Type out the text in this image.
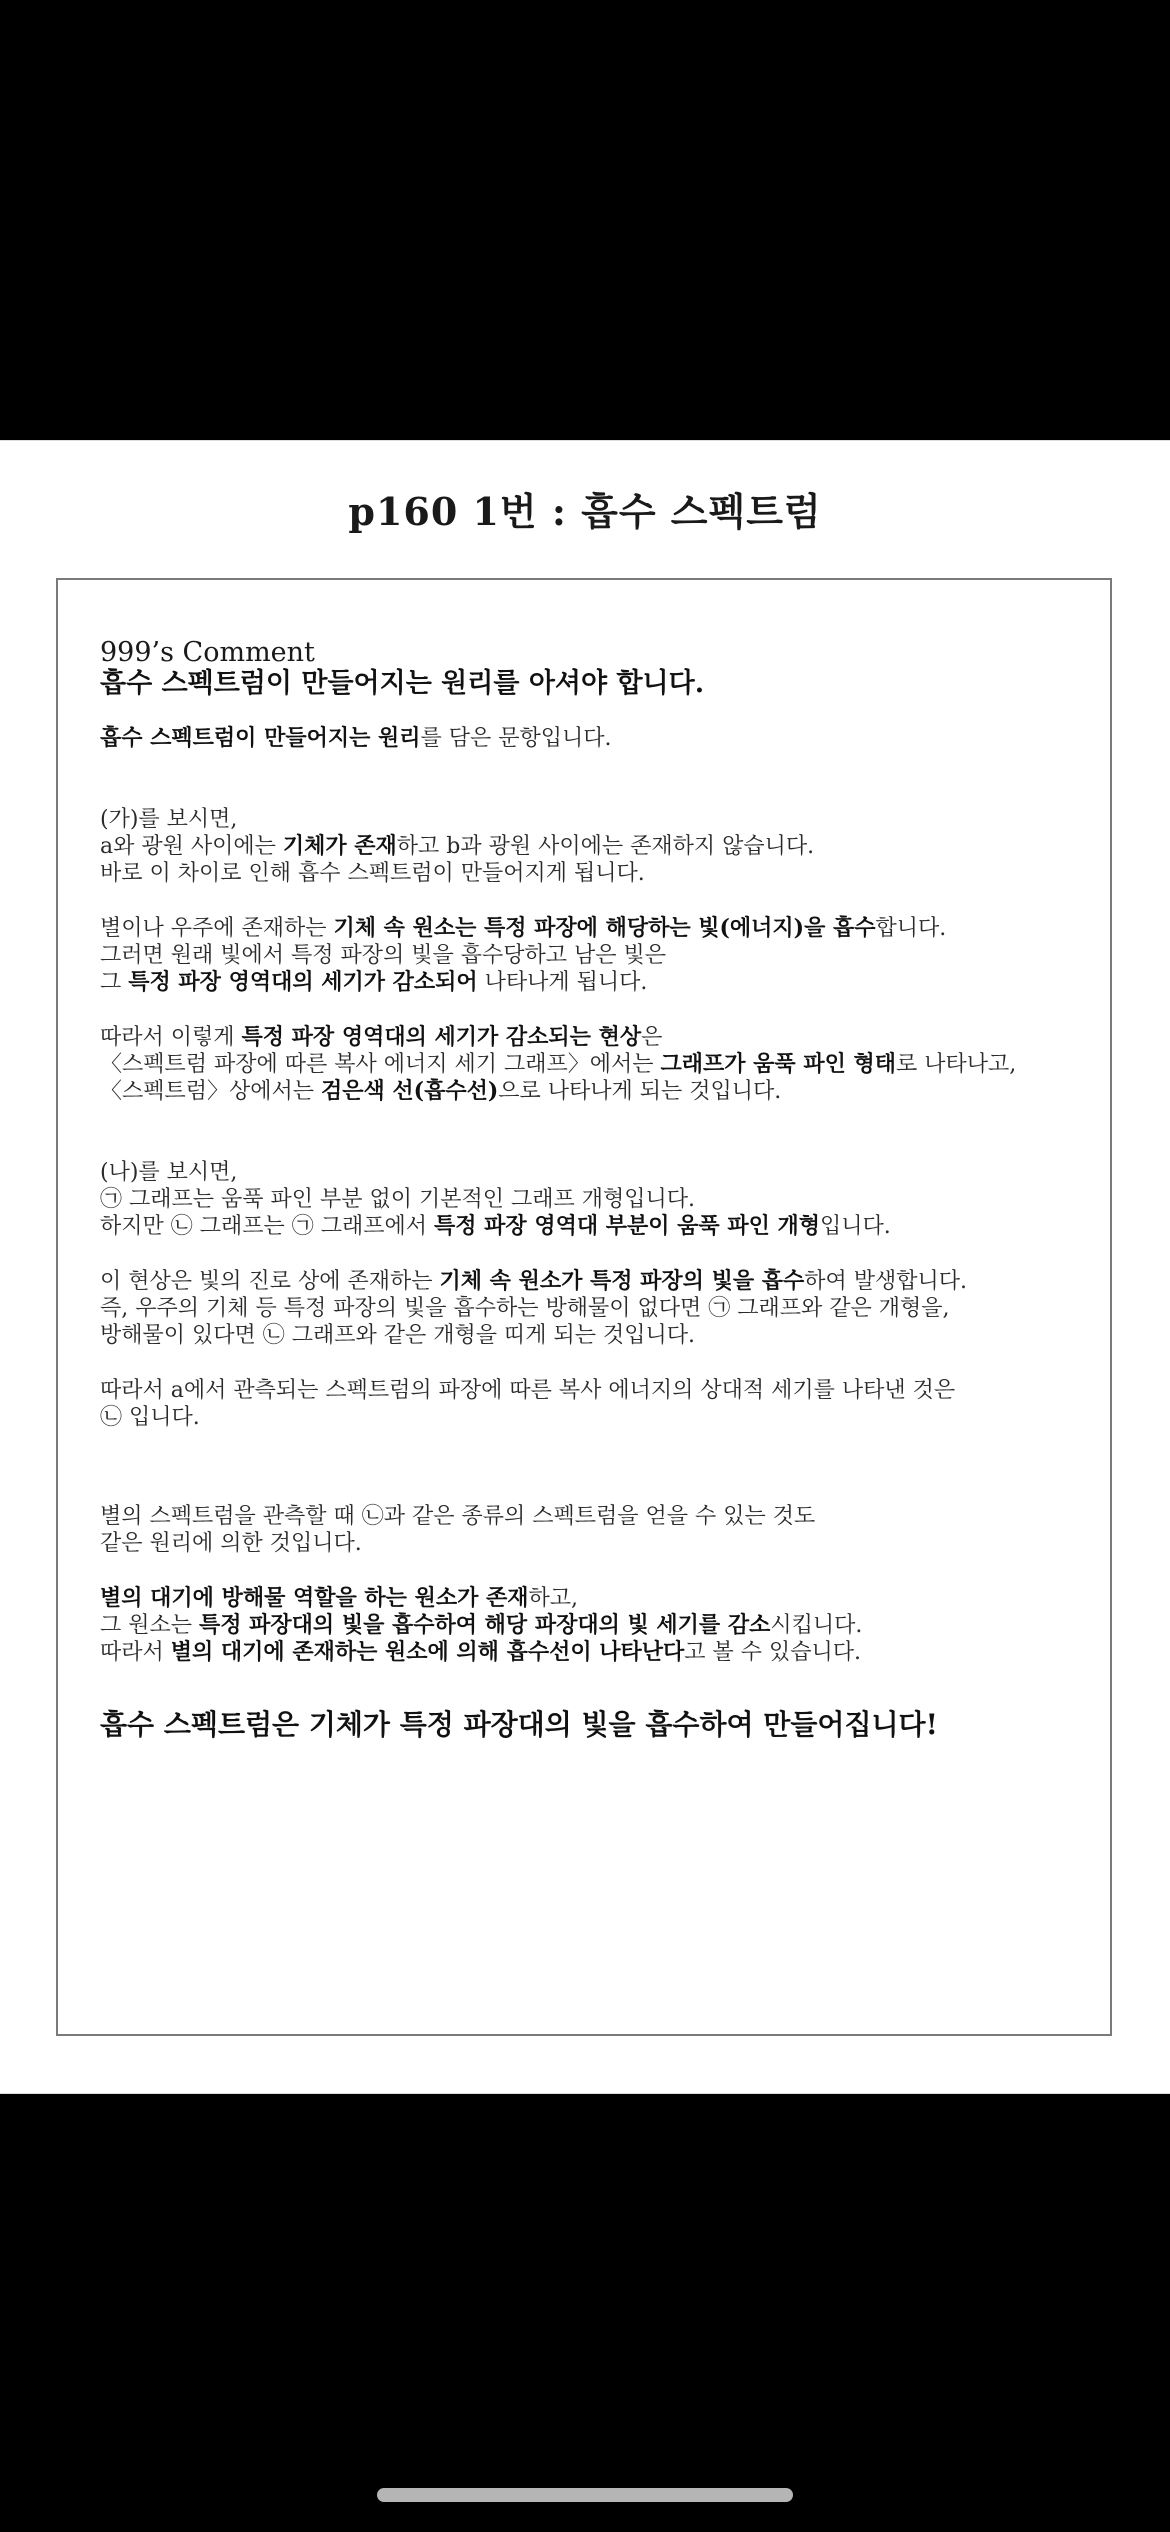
p160 1번 : 흡수 스펙트럼

999’s Comment

흡수 스펙트럼이 만들어지는 원리를 아셔야 합니다.

흡수 스펙트럼이 만들어지는 원리를 담은 문항입니다.

(가)를 보시면,

a와 광원 사이에는 기체가 존재하고 b과 광원 사이에는 존재하지 않습니다.

바로 이 차이로 인해 흡수 스펙트럼이 만들어지게 됩니다.

별이나 우주에 존재하는 기체 속 원소는 특정 파장에 해당하는 빛(에너지)을 흡수합니다.

그러면 원래 빛에서 특정 파장의 빛을 흡수당하고 남은 빛은

그 특정 파장 영역대의 세기가 감소되어 나타나게 됩니다.

따라서 이렇게 특정 파장 영역대의 세기가 감소되는 현상은

〈스펙트럼 파장에 따른 복사 에너지 세기 그래프〉에서는 그래프가 움푹 파인 형태로 나타나고,

〈스펙트럼〉상에서는 검은색 선(흡수선)으로 나타나게 되는 것입니다.

(나)를 보시면,

㉠ 그래프는 움푹 파인 부분 없이 기본적인 그래프 개형입니다.

하지만 ㉡ 그래프는 ㉠ 그래프에서 특정 파장 영역대 부분이 움푹 파인 개형입니다.

이 현상은 빛의 진로 상에 존재하는 기체 속 원소가 특정 파장의 빛을 흡수하여 발생합니다.

즉, 우주의 기체 등 특정 파장의 빛을 흡수하는 방해물이 없다면 ㉠ 그래프와 같은 개형을,

방해물이 있다면 ㉡ 그래프와 같은 개형을 띠게 되는 것입니다.

따라서 a에서 관측되는 스펙트럼의 파장에 따른 복사 에너지의 상대적 세기를 나타낸 것은

㉡ 입니다.

별의 스펙트럼을 관측할 때 ㉡과 같은 종류의 스펙트럼을 얻을 수 있는 것도

같은 원리에 의한 것입니다.

별의 대기에 방해물 역할을 하는 원소가 존재하고,

그 원소는 특정 파장대의 빛을 흡수하여 해당 파장대의 빛 세기를 감소시킵니다.

따라서 별의 대기에 존재하는 원소에 의해 흡수선이 나타난다고 볼 수 있습니다.

흡수 스펙트럼은 기체가 특정 파장대의 빛을 흡수하여 만들어집니다!
